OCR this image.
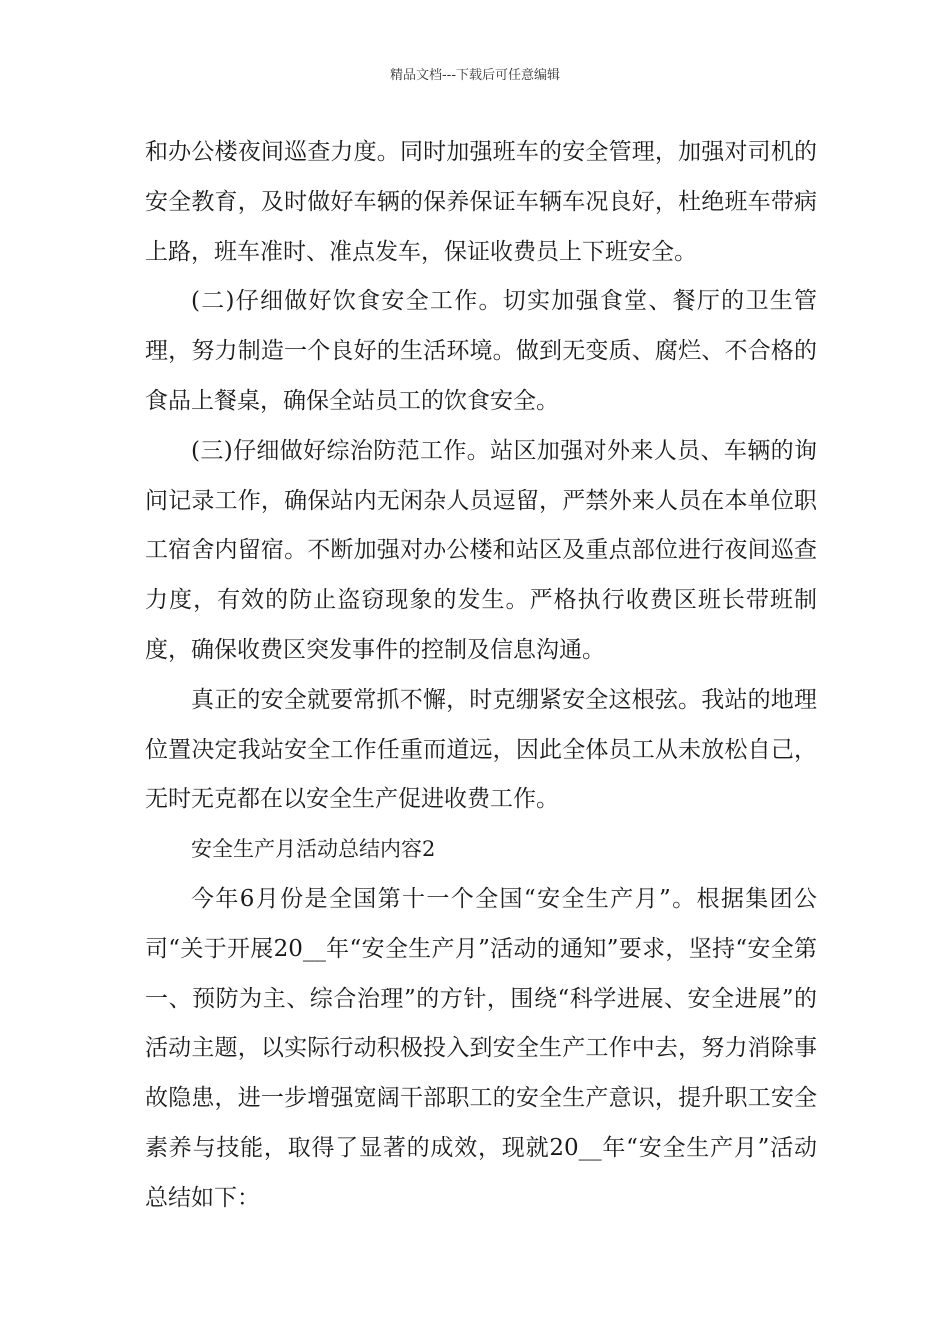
精品文档---下载后可任意编辑

和办公楼夜间巡查力度。同时加强班车的安全管理，加强对司机的安全教育，及时做好车辆的保养保证车辆车况良好，杜绝班车带病上路，班车准时、准点发车，保证收费员上下班安全。

(二)仔细做好饮食安全工作。切实加强食堂、餐厅的卫生管理，努力制造一个良好的生活环境。做到无变质、腐烂、不合格的食品上餐桌，确保全站员工的饮食安全。

(三)仔细做好综治防范工作。站区加强对外来人员、车辆的询问记录工作，确保站内无闲杂人员逗留，严禁外来人员在本单位职工宿舍内留宿。不断加强对办公楼和站区及重点部位进行夜间巡查力度，有效的防止盗窃现象的发生。严格执行收费区班长带班制度，确保收费区突发事件的控制及信息沟通。

真正的安全就要常抓不懈，时克绷紧安全这根弦。我站的地理位置决定我站安全工作任重而道远，因此全体员工从未放松自己，无时无克都在以安全生产促进收费工作。

安全生产月活动总结内容2

今年6月份是全国第十一个全国“安全生产月”。根据集团公司“关于开展20__年“安全生产月”活动的通知”要求，坚持“安全第一、预防为主、综合治理”的方针，围绕“科学进展、安全进展”的活动主题，以实际行动积极投入到安全生产工作中去，努力消除事故隐患，进一步增强宽阔干部职工的安全生产意识，提升职工安全素养与技能，取得了显著的成效，现就20__年“安全生产月”活动总结如下：
